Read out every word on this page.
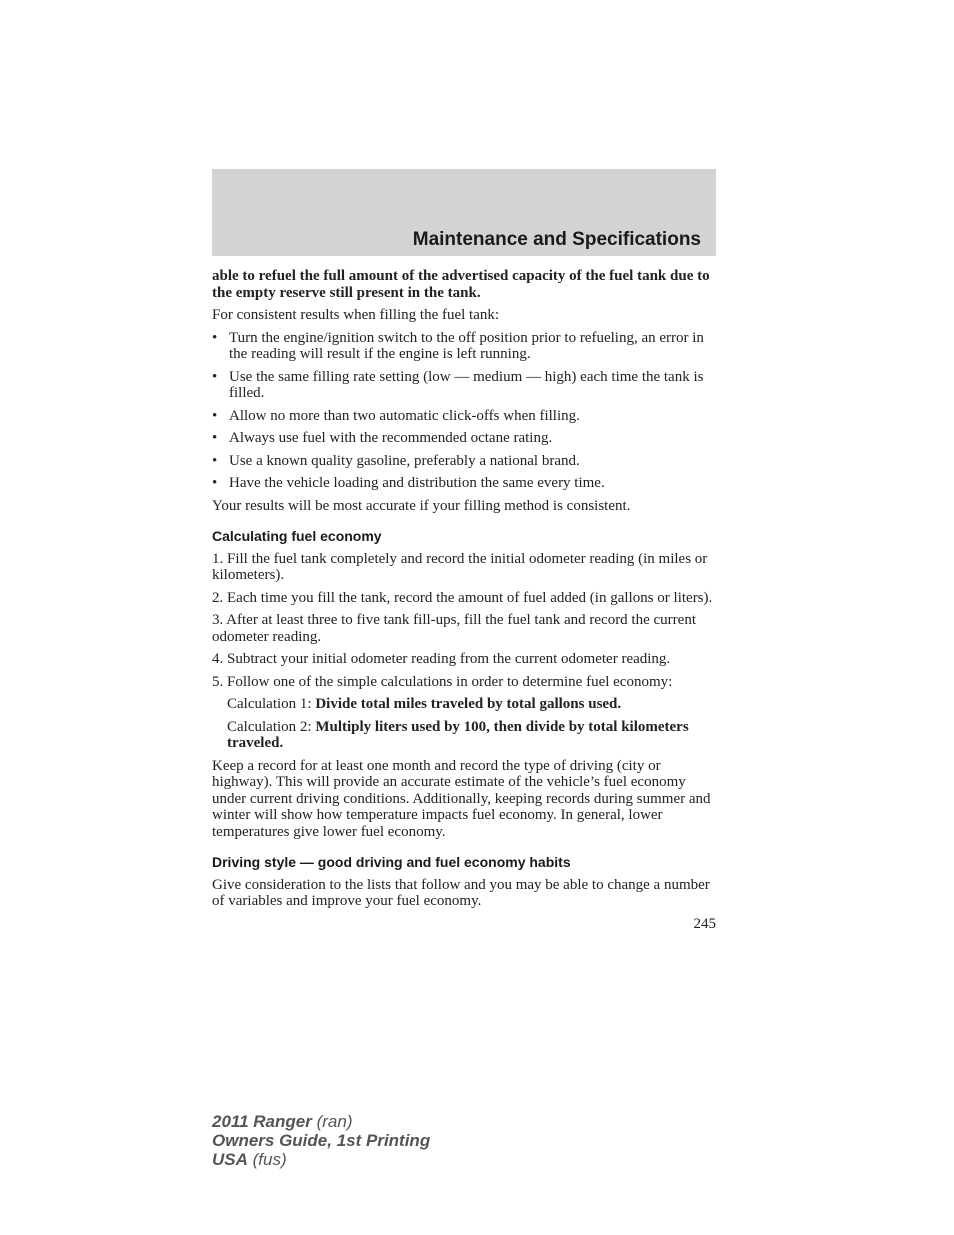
Maintenance and Specifications

able to refuel the full amount of the advertised capacity of the fuel tank due to the empty reserve still present in the tank.

For consistent results when filling the fuel tank:

• Turn the engine/ignition switch to the off position prior to refueling, an error in the reading will result if the engine is left running.
• Use the same filling rate setting (low — medium — high) each time the tank is filled.
• Allow no more than two automatic click-offs when filling.
• Always use fuel with the recommended octane rating.
• Use a known quality gasoline, preferably a national brand.
• Have the vehicle loading and distribution the same every time.

Your results will be most accurate if your filling method is consistent.

Calculating fuel economy

1. Fill the fuel tank completely and record the initial odometer reading (in miles or kilometers).

2. Each time you fill the tank, record the amount of fuel added (in gallons or liters).

3. After at least three to five tank fill-ups, fill the fuel tank and record the current odometer reading.

4. Subtract your initial odometer reading from the current odometer reading.

5. Follow one of the simple calculations in order to determine fuel economy:

Calculation 1: Divide total miles traveled by total gallons used.

Calculation 2: Multiply liters used by 100, then divide by total kilometers traveled.

Keep a record for at least one month and record the type of driving (city or highway). This will provide an accurate estimate of the vehicle’s fuel economy under current driving conditions. Additionally, keeping records during summer and winter will show how temperature impacts fuel economy. In general, lower temperatures give lower fuel economy.

Driving style — good driving and fuel economy habits

Give consideration to the lists that follow and you may be able to change a number of variables and improve your fuel economy.

245
2011 Ranger (ran)
Owners Guide, 1st Printing
USA (fus)
